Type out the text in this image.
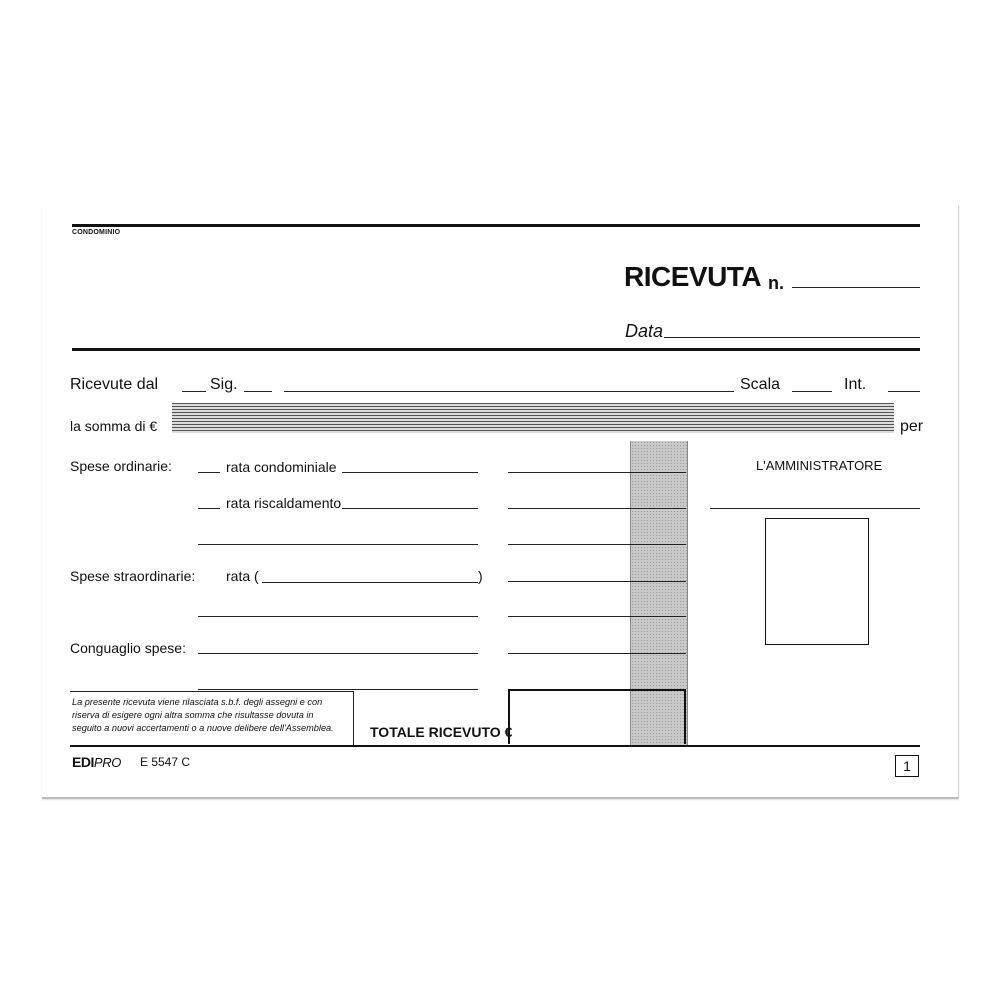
CONDOMINIO
RICEVUTA n.
Data
Ricevute dal	Sig.	Scala	Int.
la somma di €	per
Spese ordinarie:	rata condominiale
rata riscaldamento
Spese straordinarie: rata (	)
Conguaglio spese:
L'AMMINISTRATORE
La presente ricevuta viene rilasciata s.b.f. degli assegni e con
riserva di esigere ogni altra somma che risultasse dovuta in
seguito a nuovi accertamenti o a nuove delibere dell'Assemblea.	TOTALE RICEVUTO €
EDIPRO E 5547 C	1
